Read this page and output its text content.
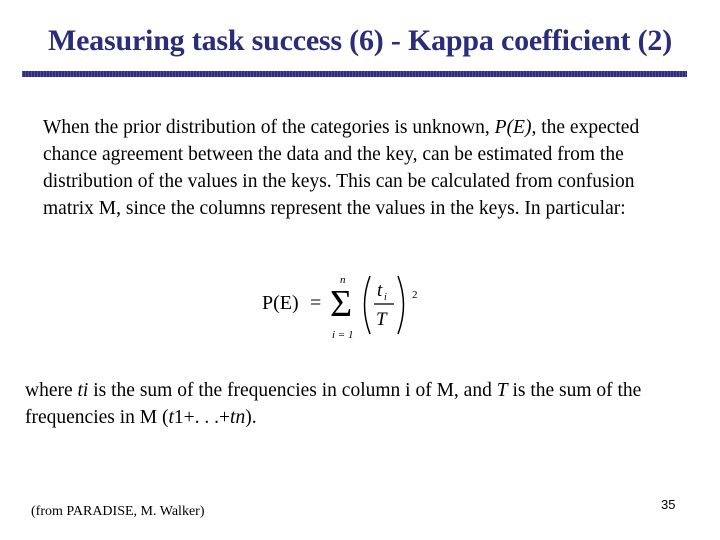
Measuring task success (6) - Kappa coefficient (2)
When the prior distribution of the categories is unknown, P(E), the expected chance agreement between the data and the key, can be estimated from the distribution of the values in the keys. This can be calculated from confusion matrix M, since the columns represent the values in the keys. In particular:
P(E) =
n
Σ
i = 1
t i
T
2
where ti is the sum of the frequencies in column i of M, and T is the sum of the frequencies in M (t1+. . .+tn).
(from PARADISE, M. Walker)	35
